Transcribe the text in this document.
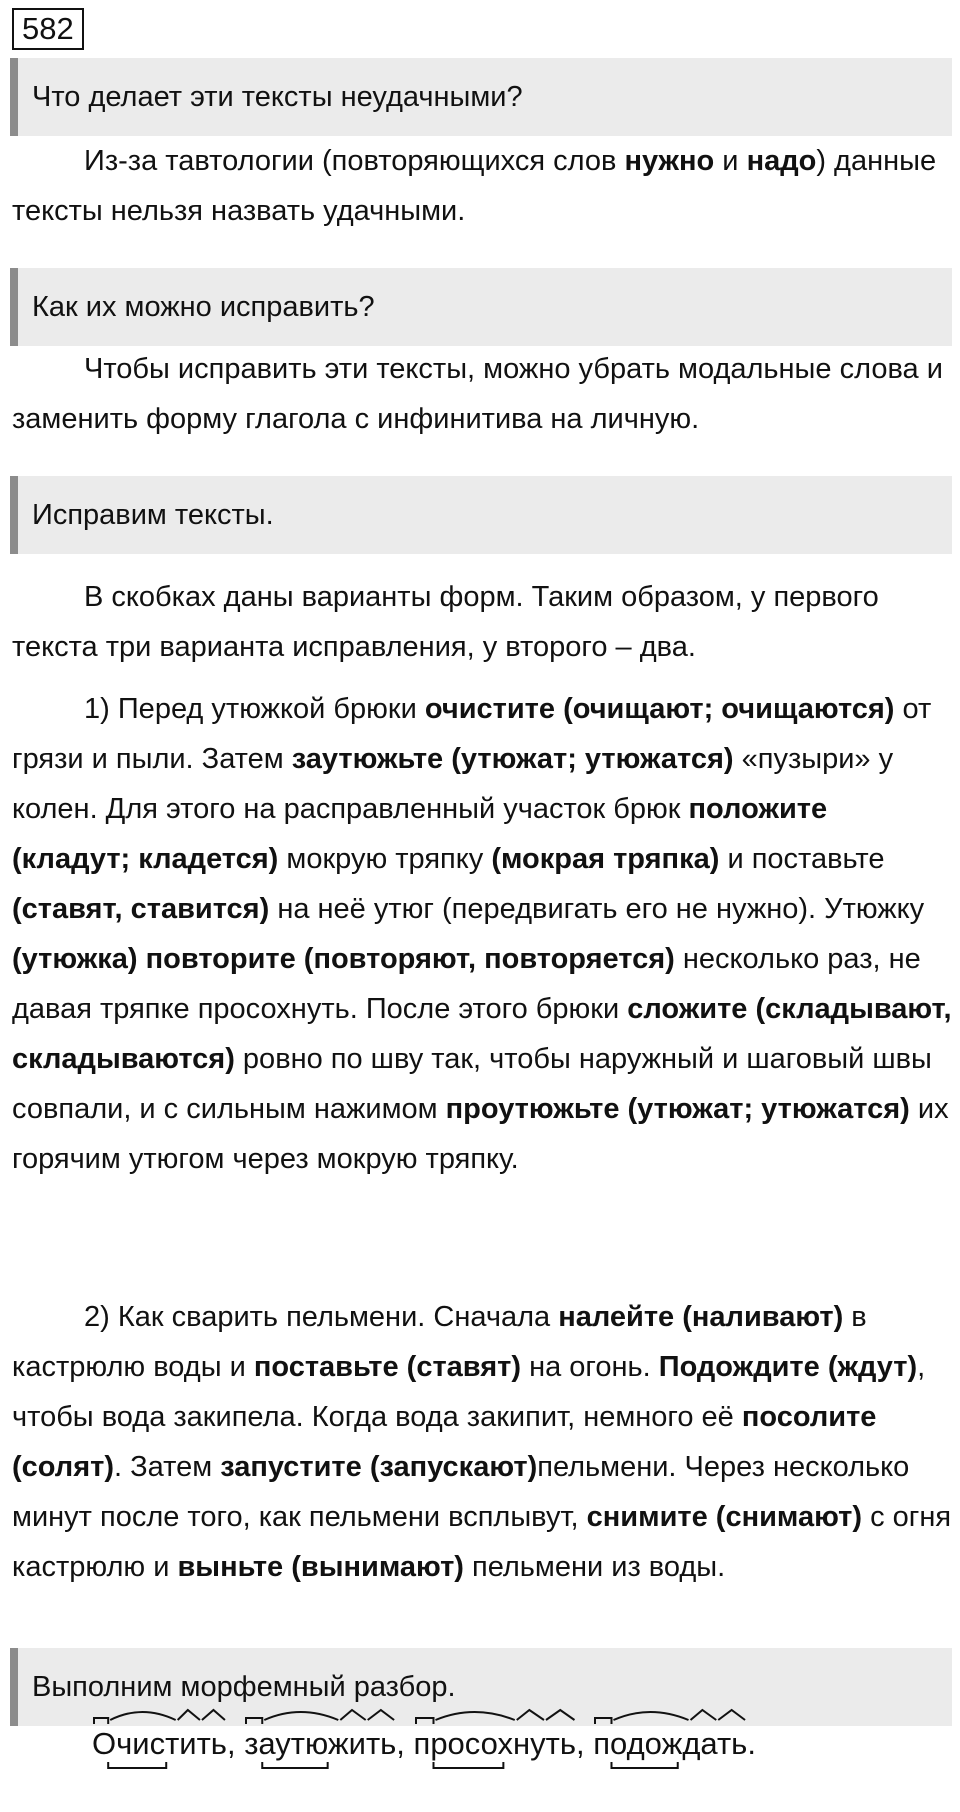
582
Что делает эти тексты неудачными?

Из-за тавтологии (повторяющихся слов нужно и надо) данные тексты нельзя назвать удачными.

Как их можно исправить?

Чтобы исправить эти тексты, можно убрать модальные слова и заменить форму глагола с инфинитива на личную.

Исправим тексты.

В скобках даны варианты форм. Таким образом, у первого текста три варианта исправления, у второго – два.

1) Перед утюжкой брюки очистите (очищают; очищаются) от грязи и пыли. Затем заутюжьте (утюжат; утюжатся) «пузыри» у колен. Для этого на расправленный участок брюк положите (кладут; кладется) мокрую тряпку (мокрая тряпка) и поставьте (ставят, ставится) на неё утюг (передвигать его не нужно). Утюжку (утюжка) повторите (повторяют, повторяется) несколько раз, не давая тряпке просохнуть. После этого брюки сложите (складывают, складываются) ровно по шву так, чтобы наружный и шаговый швы совпали, и с сильным нажимом проутюжьте (утюжат; утюжатся) их горячим утюгом через мокрую тряпку.

2) Как сварить пельмени. Сначала налейте (наливают) в кастрюлю воды и поставьте (ставят) на огонь. Подождите (ждут), чтобы вода закипела. Когда вода закипит, немного её посолите (солят). Затем запустите (запускают)пельмени. Через несколько минут после того, как пельмени всплывут, снимите (снимают) с огня кастрюлю и выньте (вынимают) пельмени из воды.

Выполним морфемный разбор.
Очистить
, заутюжить
, просохнуть
, подождать
.
